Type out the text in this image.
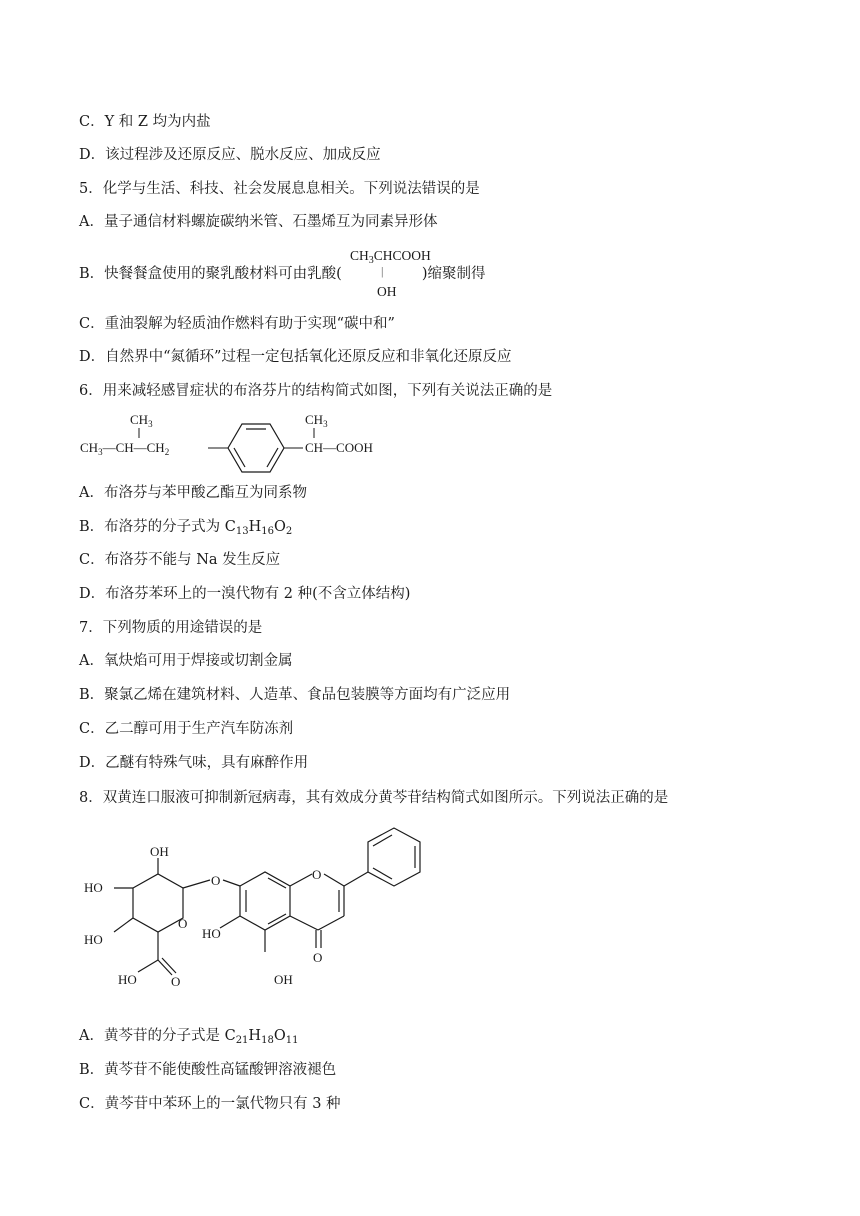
C．Y 和 Z 均为内盐
D．该过程涉及还原反应、脱水反应、加成反应
5．化学与生活、科技、社会发展息息相关。下列说法错误的是
A．量子通信材料螺旋碳纳米管、石墨烯互为同素异形体
B．快餐餐盒使用的聚乳酸材料可由乳酸(	)缩聚制得
$CH_3CHCOOH$
|
OH
C．重油裂解为轻质油作燃料有助于实现“碳中和”
D．自然界中“氮循环”过程一定包括氧化还原反应和非氧化还原反应
6．用来减轻感冒症状的布洛芬片的结构简式如图，下列有关说法正确的是
$CH_3$
$CH_3—CH—CH_2$
$CH_3$
CH—COOH
A．布洛芬与苯甲酸乙酯互为同系物
B．布洛芬的分子式为 $C_{13}H_{16}O_2$
C．布洛芬不能与 Na 发生反应
D．布洛芬苯环上的一溴代物有 2 种(不含立体结构)
7．下列物质的用途错误的是
A．氧炔焰可用于焊接或切割金属
B．聚氯乙烯在建筑材料、人造革、食品包装膜等方面均有广泛应用
C．乙二醇可用于生产汽车防冻剂
D．乙醚有特殊气味，具有麻醉作用
8．双黄连口服液可抑制新冠病毒，其有效成分黄芩苷结构简式如图所示。下列说法正确的是
OH
HO
HO
O
HO	O
O
HO
OH
O
O
A．黄芩苷的分子式是 $C_{21}H_{18}O_{11}$
B．黄芩苷不能使酸性高锰酸钾溶液褪色
C．黄芩苷中苯环上的一氯代物只有 3 种
